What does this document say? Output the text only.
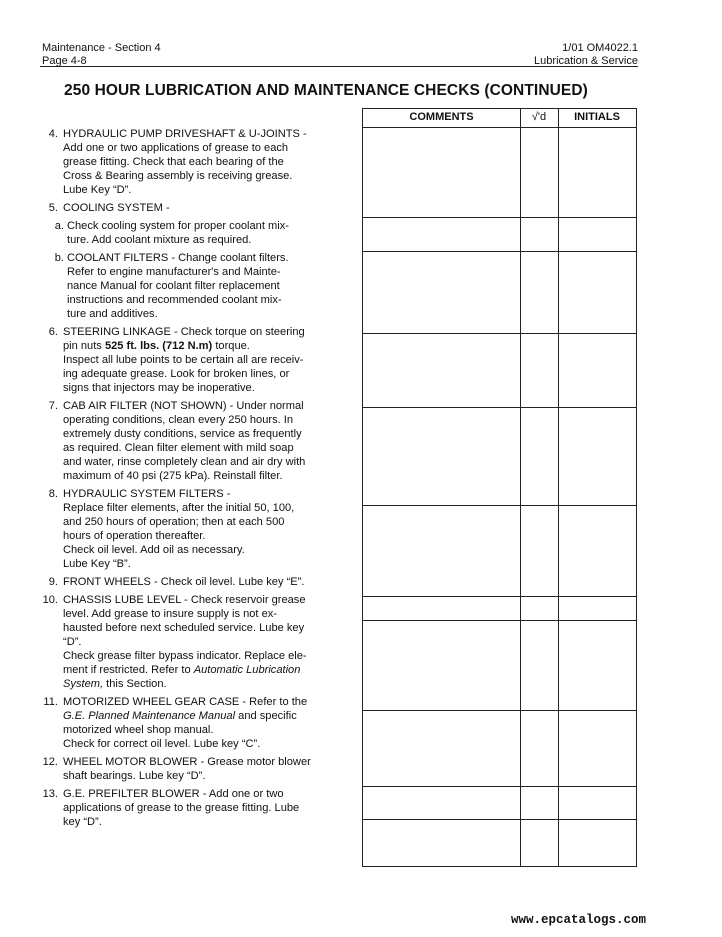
Maintenance - Section 4
Page 4-8
1/01 OM4022.1
Lubrication & Service
250 HOUR LUBRICATION AND MAINTENANCE CHECKS (CONTINUED)
4. HYDRAULIC PUMP DRIVESHAFT & U-JOINTS -
Add one or two applications of grease to each
grease fitting. Check that each bearing of the
Cross & Bearing assembly is receiving grease.
Lube Key “D”.
5. COOLING SYSTEM -
a. Check cooling system for proper coolant mix-
ture. Add coolant mixture as required.
b. COOLANT FILTERS - Change coolant filters.
Refer to engine manufacturer's and Mainte-
nance Manual for coolant filter replacement
instructions and recommended coolant mix-
ture and additives.
6. STEERING LINKAGE - Check torque on steering
pin nuts 525 ft. lbs. (712 N.m) torque.
Inspect all lube points to be certain all are receiv-
ing adequate grease. Look for broken lines, or
signs that injectors may be inoperative.
7. CAB AIR FILTER (NOT SHOWN) - Under normal
operating conditions, clean every 250 hours. In
extremely dusty conditions, service as frequently
as required. Clean filter element with mild soap
and water, rinse completely clean and air dry with
maximum of 40 psi (275 kPa). Reinstall filter.
8. HYDRAULIC SYSTEM FILTERS -
Replace filter elements, after the initial 50, 100,
and 250 hours of operation; then at each 500
hours of operation thereafter.
Check oil level. Add oil as necessary.
Lube Key “B”.
9. FRONT WHEELS - Check oil level. Lube key “E”.
10. CHASSIS LUBE LEVEL - Check reservoir grease
level. Add grease to insure supply is not ex-
hausted before next scheduled service. Lube key
“D”.
Check grease filter bypass indicator. Replace ele-
ment if restricted. Refer to Automatic Lubrication
System, this Section.
11. MOTORIZED WHEEL GEAR CASE - Refer to the
G.E. Planned Maintenance Manual and specific
motorized wheel shop manual.
Check for correct oil level. Lube key “C”.
12. WHEEL MOTOR BLOWER - Grease motor blower
shaft bearings. Lube key “D”.
13. G.E. PREFILTER BLOWER - Add one or two
applications of grease to the grease fitting. Lube
key “D”.
COMMENTS	√'d	INITIALS
www.epcatalogs.com
